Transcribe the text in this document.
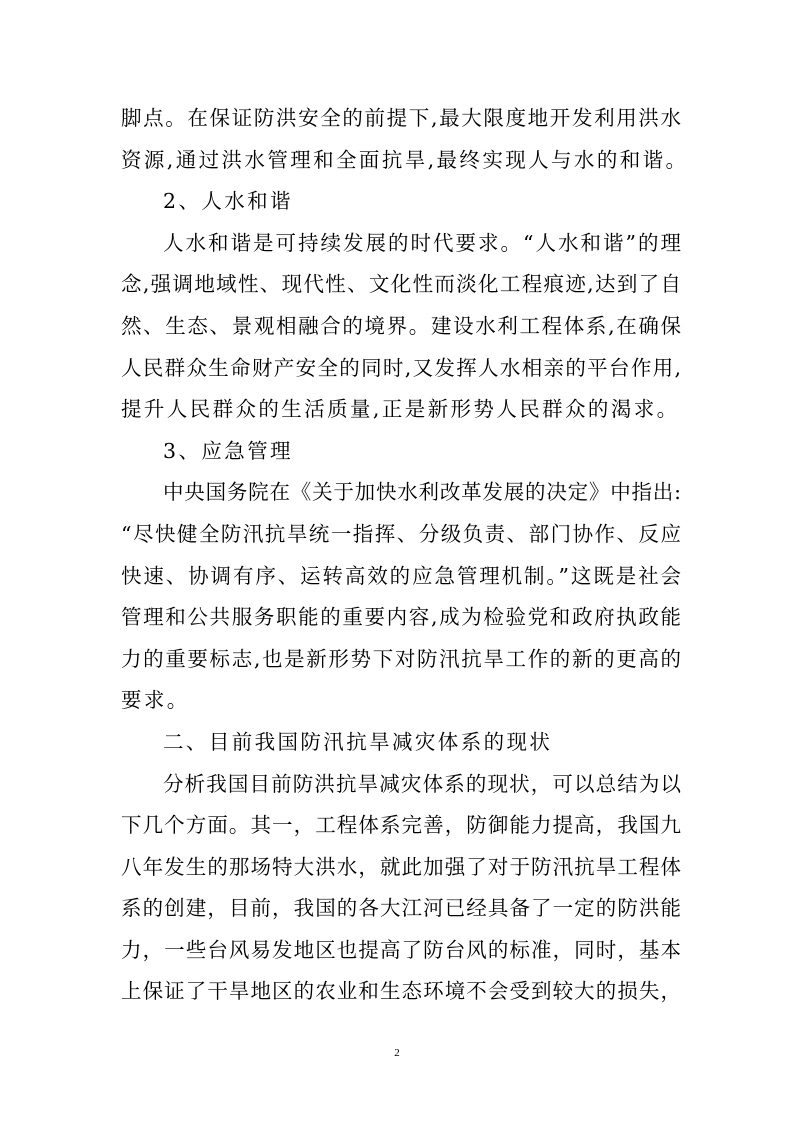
脚点。在保证防洪安全的前提下,最大限度地开发利用洪水
资源,通过洪水管理和全面抗旱,最终实现人与水的和谐。
2、人水和谐
人水和谐是可持续发展的时代要求。“人水和谐”的理
念,强调地域性、现代性、文化性而淡化工程痕迹,达到了自
然、生态、景观相融合的境界。建设水利工程体系,在确保
人民群众生命财产安全的同时,又发挥人水相亲的平台作用,
提升人民群众的生活质量,正是新形势人民群众的渴求。
3、应急管理
中央国务院在《关于加快水利改革发展的决定》中指出:
“尽快健全防汛抗旱统一指挥、分级负责、部门协作、反应
快速、协调有序、运转高效的应急管理机制。”这既是社会
管理和公共服务职能的重要内容,成为检验党和政府执政能
力的重要标志,也是新形势下对防汛抗旱工作的新的更高的
要求。
二、目前我国防汛抗旱减灾体系的现状
分析我国目前防洪抗旱减灾体系的现状，可以总结为以
下几个方面。其一，工程体系完善，防御能力提高，我国九
八年发生的那场特大洪水，就此加强了对于防汛抗旱工程体
系的创建，目前，我国的各大江河已经具备了一定的防洪能
力，一些台风易发地区也提高了防台风的标准，同时，基本
上保证了干旱地区的农业和生态环境不会受到较大的损失，
2
